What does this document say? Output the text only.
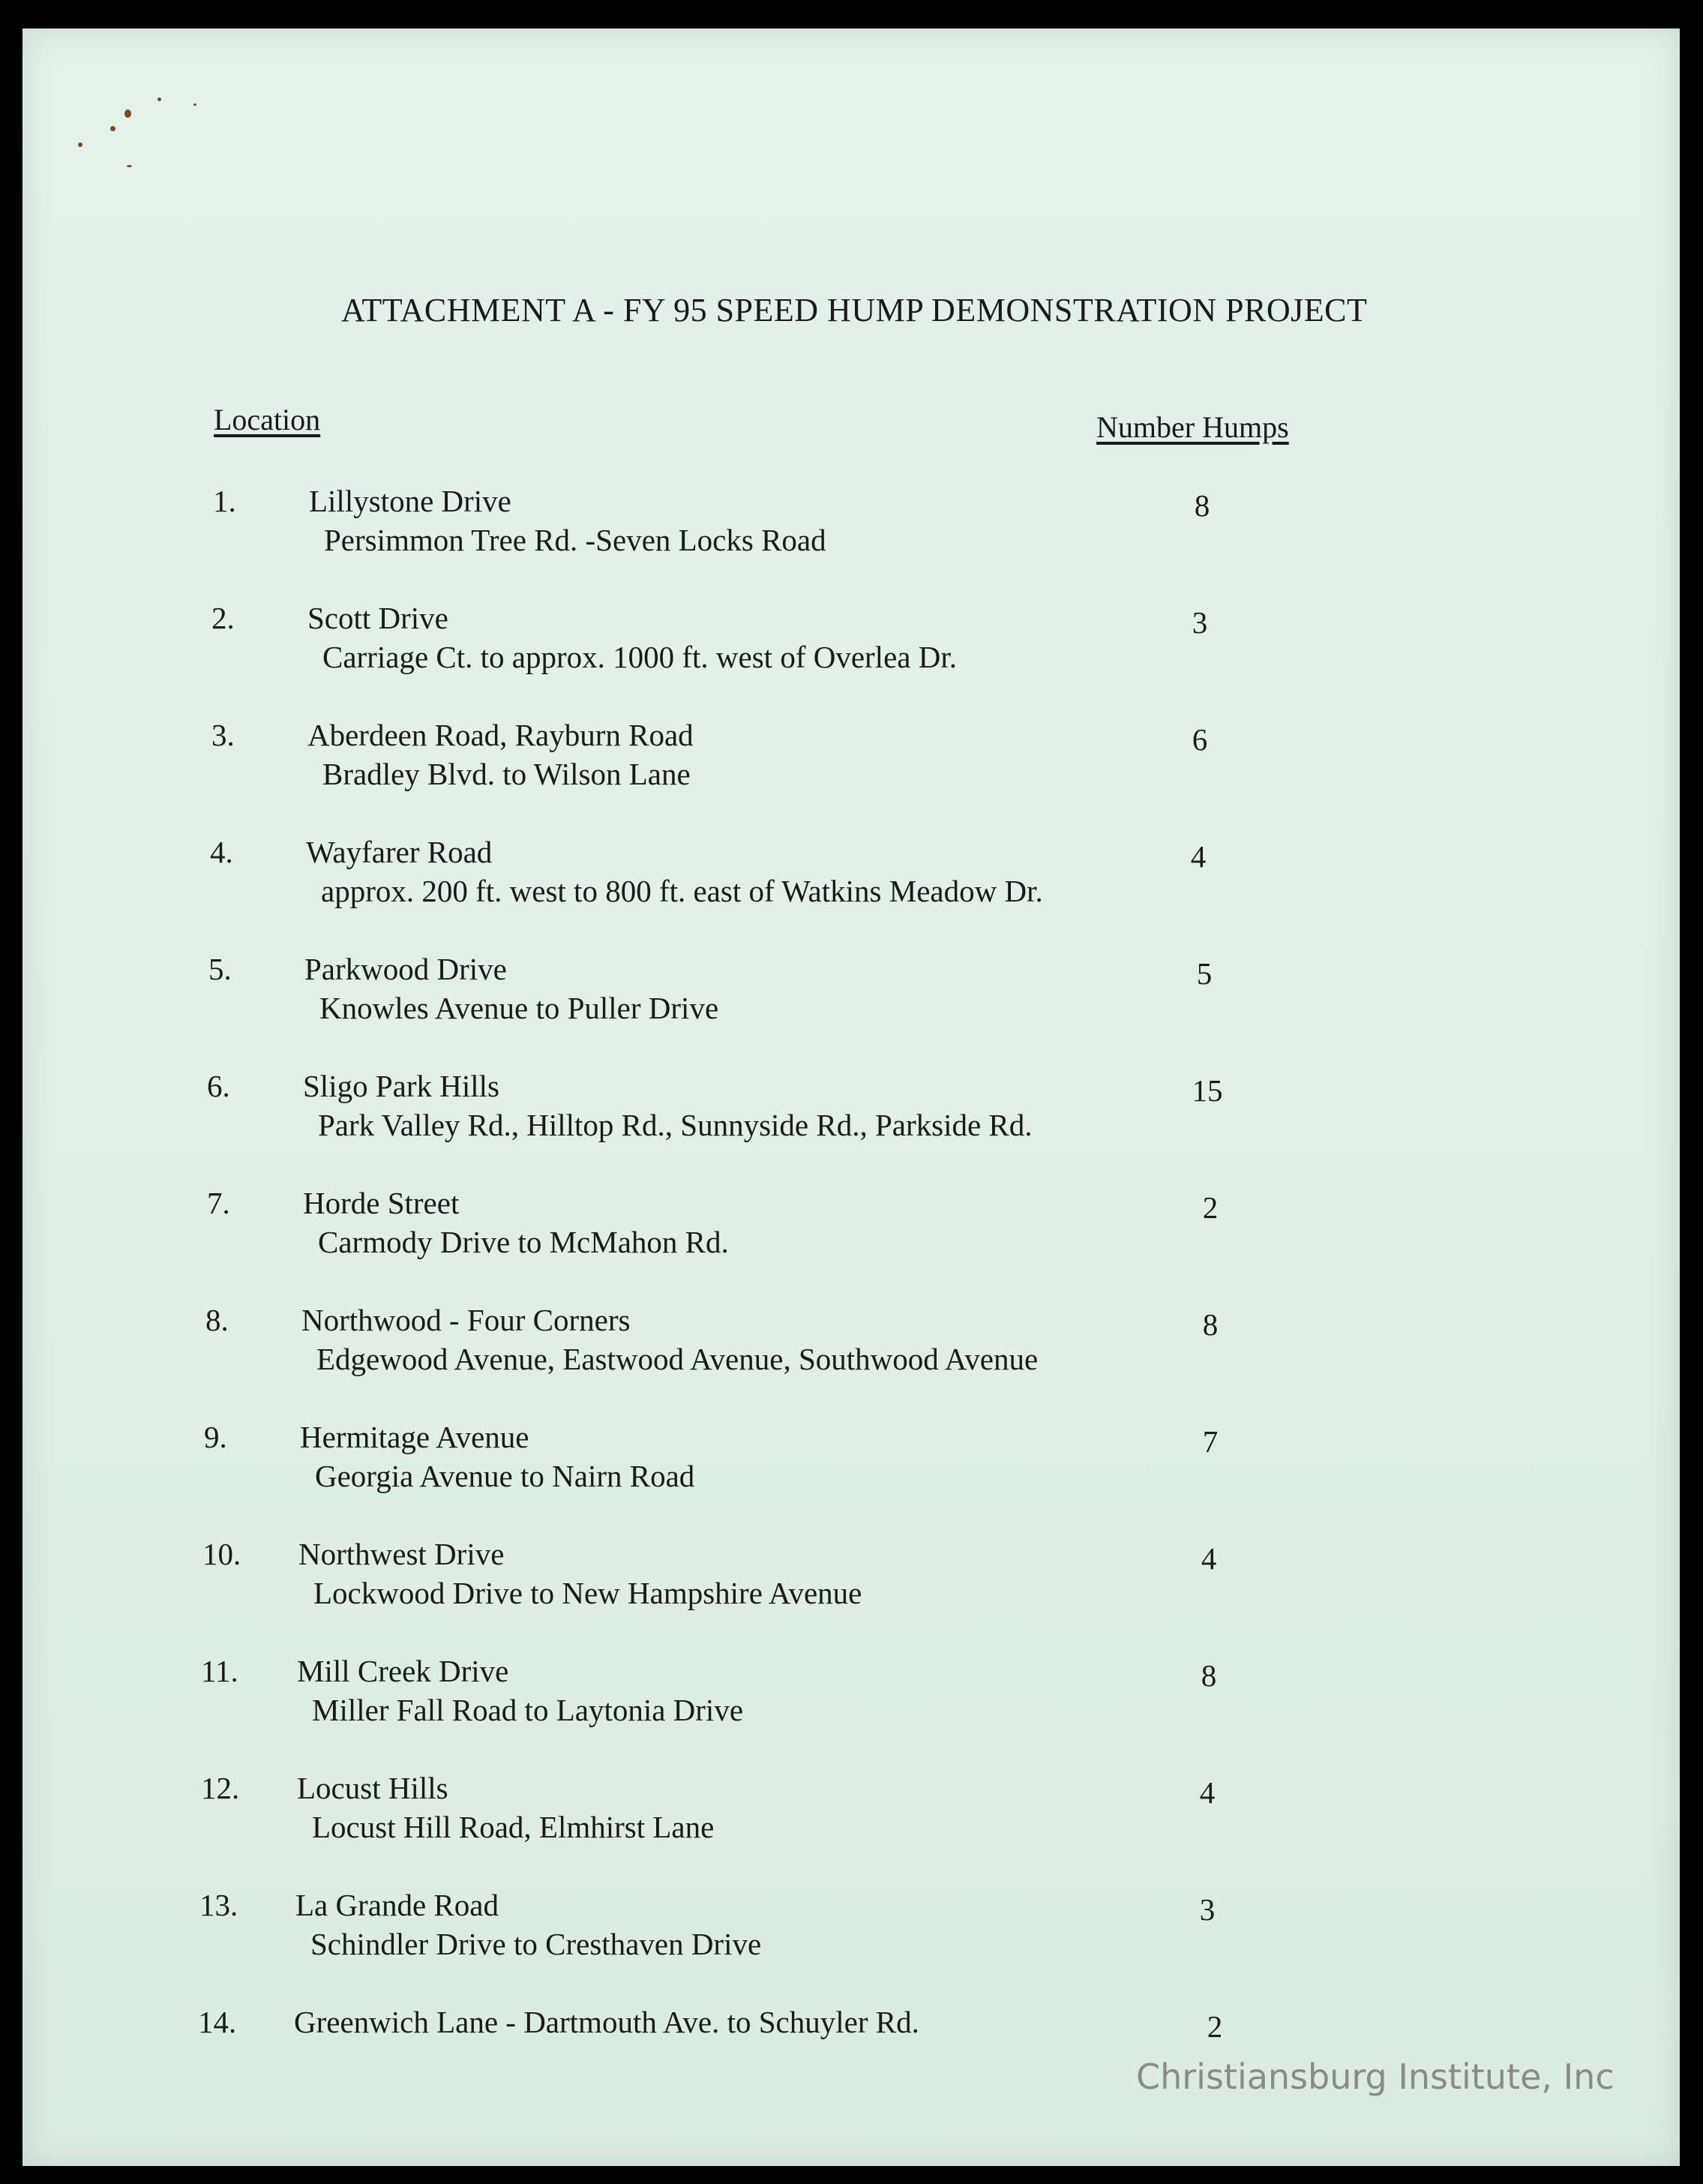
ATTACHMENT A - FY 95 SPEED HUMP DEMONSTRATION PROJECT
Location	Number Humps
1. Lillystone Drive
Persimmon Tree Rd. -Seven Locks Road
8
2. Scott Drive
Carriage Ct. to approx. 1000 ft. west of Overlea Dr.
3
3. Aberdeen Road, Rayburn Road
Bradley Blvd. to Wilson Lane
6
4. Wayfarer Road
approx. 200 ft. west to 800 ft. east of Watkins Meadow Dr.
4
5. Parkwood Drive
Knowles Avenue to Puller Drive
5
6. Sligo Park Hills
Park Valley Rd., Hilltop Rd., Sunnyside Rd., Parkside Rd.
15
7. Horde Street
Carmody Drive to McMahon Rd.
2
8. Northwood - Four Corners
Edgewood Avenue, Eastwood Avenue, Southwood Avenue
8
9. Hermitage Avenue
Georgia Avenue to Nairn Road
7
10. Northwest Drive
Lockwood Drive to New Hampshire Avenue
4
11. Mill Creek Drive
Miller Fall Road to Laytonia Drive
8
12. Locust Hills
Locust Hill Road, Elmhirst Lane
4
13. La Grande Road
Schindler Drive to Cresthaven Drive
3
14. Greenwich Lane - Dartmouth Ave. to Schuyler Rd.	2
Christiansburg Institute, Inc
